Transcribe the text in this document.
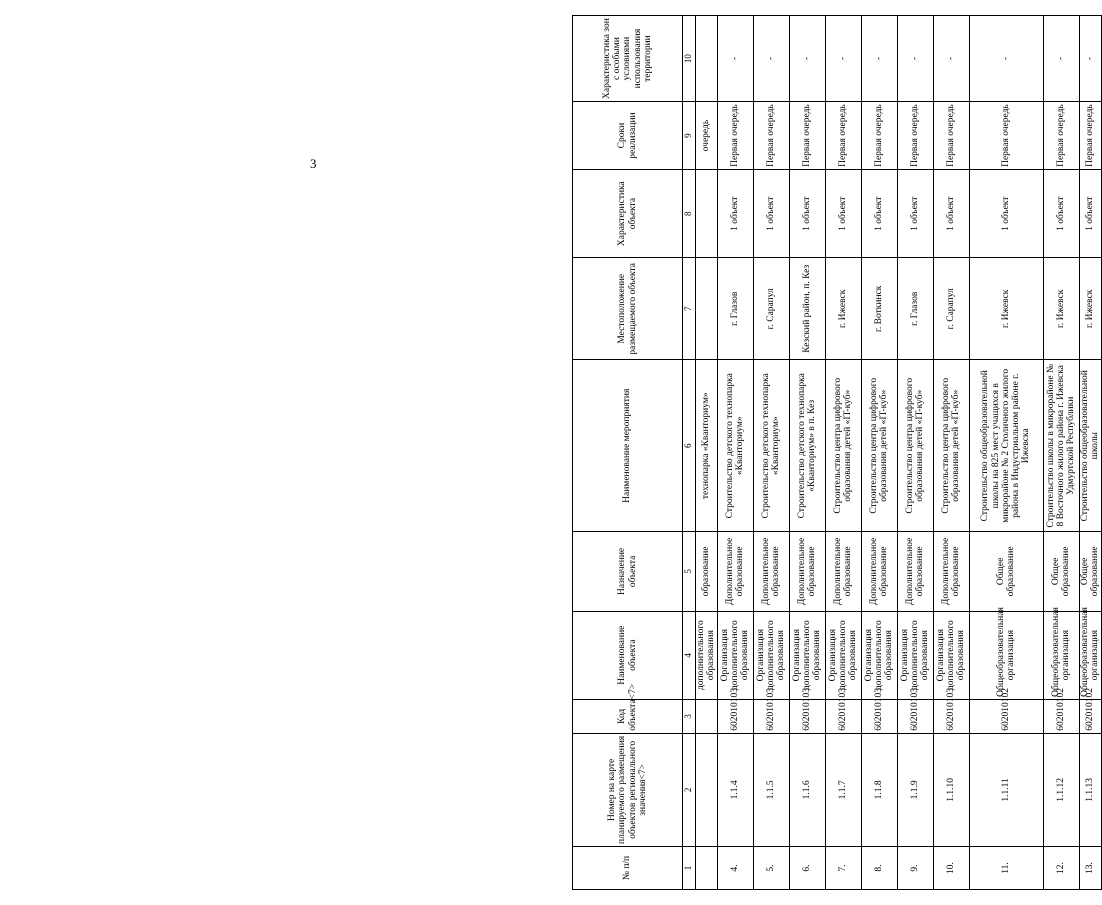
3
№ п/п	Номер на карте планируемого размещения объектов регионального значения<7>	Код объекта<7>	Наименование объекта	Назначение объекта	Наименование мероприятия	Местоположение размещаемого объекта	Характеристика объекта	Сроки реализации	Характеристика зон с особыми условиями использования территории
1	2	3	4	5	6	7	8	9	10
			дополнительного образования	образование	технопарка «Кванториум»			очередь	
4.	1.1.4	602010103	Организация дополнительного образования	Дополнительное образование	Строительство детского технопарка «Кванториум»	г. Глазов	1 объект	Первая очередь	-
5.	1.1.5	602010103	Организация дополнительного образования	Дополнительное образование	Строительство детского технопарка «Кванториум»	г. Сарапул	1 объект	Первая очередь	-
6.	1.1.6	602010103	Организация дополнительного образования	Дополнительное образование	Строительство детского технопарка «Кванториум» в п. Кез	Кезский район, п. Кез	1 объект	Первая очередь	-
7.	1.1.7	602010103	Организация дополнительного образования	Дополнительное образование	Строительство центра цифрового образования детей «IT-куб»	г. Ижевск	1 объект	Первая очередь	-
8.	1.1.8	602010103	Организация дополнительного образования	Дополнительное образование	Строительство центра цифрового образования детей «IT-куб»	г. Воткинск	1 объект	Первая очередь	-
9.	1.1.9	602010103	Организация дополнительного образования	Дополнительное образование	Строительство центра цифрового образования детей «IT-куб»	г. Глазов	1 объект	Первая очередь	-
10.	1.1.10	602010103	Организация дополнительного образования	Дополнительное образование	Строительство центра цифрового образования детей «IT-куб»	г. Сарапул	1 объект	Первая очередь	-
11.	1.1.11	602010102	Общеобразовательная организация	Общее образование	Строительство общеобразовательной школы на 825 мест учащихся в микрорайоне № 2 Столичного жилого района в Индустриальном районе г. Ижевска	г. Ижевск	1 объект	Первая очередь	-
12.	1.1.12	602010102	Общеобразовательная организация	Общее образование	Строительство школы в микрорайоне № 8 Восточного жилого района г. Ижевска Удмуртской Республики	г. Ижевск	1 объект	Первая очередь	-
13.	1.1.13	602010102	Общеобразовательная организация	Общее образование	Строительство общеобразовательной школы	г. Ижевск	1 объект	Первая очередь	-
